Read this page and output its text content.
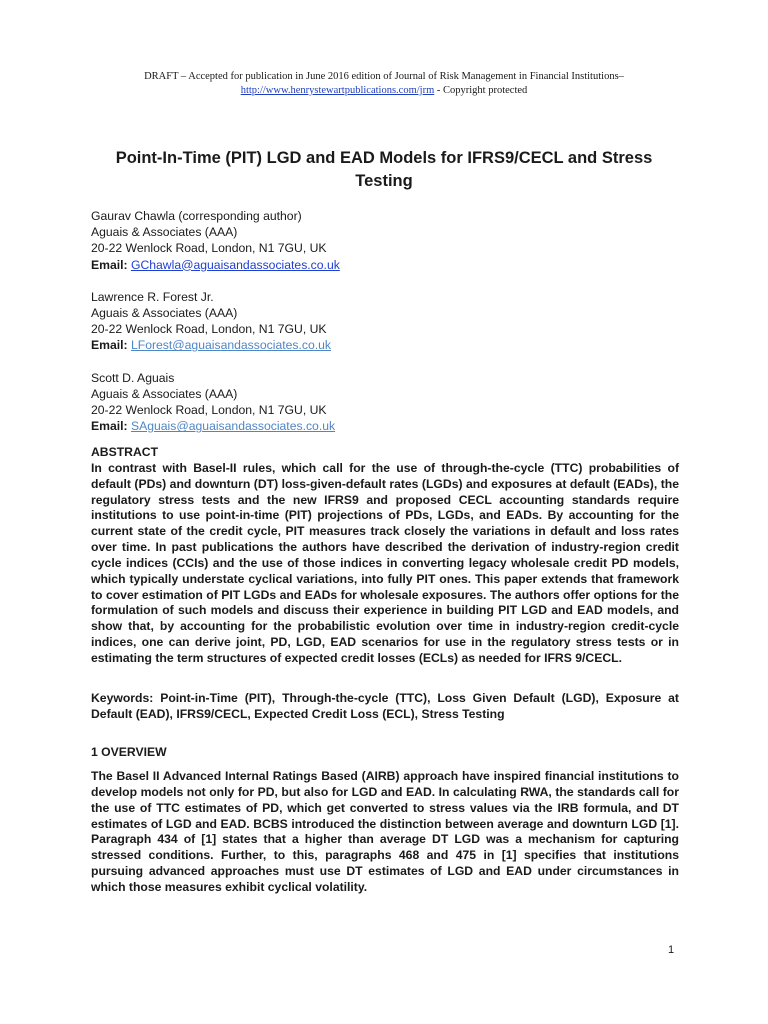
DRAFT – Accepted for publication in June 2016 edition of Journal of Risk Management in Financial Institutions–
http://www.henrystewartpublications.com/jrm - Copyright protected
Point-In-Time (PIT) LGD and EAD Models for IFRS9/CECL and Stress Testing
Gaurav Chawla (corresponding author)
Aguais & Associates (AAA)
20-22 Wenlock Road, London, N1 7GU, UK
Email: GChawla@aguaisandassociates.co.uk
Lawrence R. Forest Jr.
Aguais & Associates (AAA)
20-22 Wenlock Road, London, N1 7GU, UK
Email: LForest@aguaisandassociates.co.uk
Scott D. Aguais
Aguais & Associates (AAA)
20-22 Wenlock Road, London, N1 7GU, UK
Email: SAguais@aguaisandassociates.co.uk
ABSTRACT
In contrast with Basel-II rules, which call for the use of through-the-cycle (TTC) probabilities of default (PDs) and downturn (DT) loss-given-default rates (LGDs) and exposures at default (EADs), the regulatory stress tests and the new IFRS9 and proposed CECL accounting standards require institutions to use point-in-time (PIT) projections of PDs, LGDs, and EADs. By accounting for the current state of the credit cycle, PIT measures track closely the variations in default and loss rates over time. In past publications the authors have described the derivation of industry-region credit cycle indices (CCIs) and the use of those indices in converting legacy wholesale credit PD models, which typically understate cyclical variations, into fully PIT ones. This paper extends that framework to cover estimation of PIT LGDs and EADs for wholesale exposures. The authors offer options for the formulation of such models and discuss their experience in building PIT LGD and EAD models, and show that, by accounting for the probabilistic evolution over time in industry-region credit-cycle indices, one can derive joint, PD, LGD, EAD scenarios for use in the regulatory stress tests or in estimating the term structures of expected credit losses (ECLs) as needed for IFRS 9/CECL.
Keywords: Point-in-Time (PIT), Through-the-cycle (TTC), Loss Given Default (LGD), Exposure at Default (EAD), IFRS9/CECL, Expected Credit Loss (ECL), Stress Testing
1 OVERVIEW
The Basel II Advanced Internal Ratings Based (AIRB) approach have inspired financial institutions to develop models not only for PD, but also for LGD and EAD. In calculating RWA, the standards call for the use of TTC estimates of PD, which get converted to stress values via the IRB formula, and DT estimates of LGD and EAD. BCBS introduced the distinction between average and downturn LGD [1]. Paragraph 434 of [1] states that a higher than average DT LGD was a mechanism for capturing stressed conditions. Further, to this, paragraphs 468 and 475 in [1] specifies that institutions pursuing advanced approaches must use DT estimates of LGD and EAD under circumstances in which those measures exhibit cyclical volatility.
1
